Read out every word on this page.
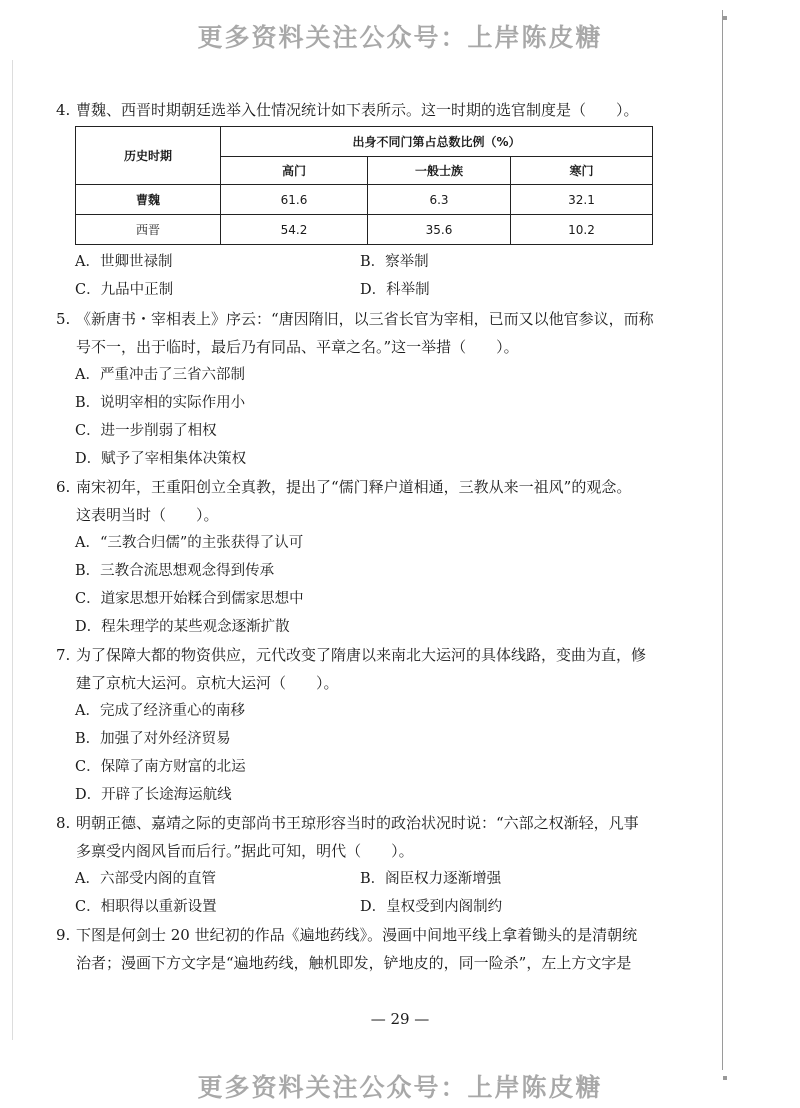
更多资料关注公众号：上岸陈皮糖
4. 曹魏、西晋时期朝廷选举入仕情况统计如下表所示。这一时期的选官制度是（　　）。
历史时期	出身不同门第占总数比例（%）		
	高门	一般士族	寒门
曹魏	61.6	6.3	32.1
西晋	54.2	35.6	10.2
A．世卿世禄制	B．察举制
C．九品中正制	D．科举制
5. 《新唐书・宰相表上》序云：“唐因隋旧，以三省长官为宰相，已而又以他官参议，而称
号不一，出于临时，最后乃有同品、平章之名。”这一举措（　　）。
A．严重冲击了三省六部制
B．说明宰相的实际作用小
C．进一步削弱了相权
D．赋予了宰相集体决策权
6. 南宋初年，王重阳创立全真教，提出了“儒门释户道相通，三教从来一祖风”的观念。
这表明当时（　　）。
A．“三教合归儒”的主张获得了认可
B．三教合流思想观念得到传承
C．道家思想开始糅合到儒家思想中
D．程朱理学的某些观念逐渐扩散
7. 为了保障大都的物资供应，元代改变了隋唐以来南北大运河的具体线路，变曲为直，修
建了京杭大运河。京杭大运河（　　）。
A．完成了经济重心的南移
B．加强了对外经济贸易
C．保障了南方财富的北运
D．开辟了长途海运航线
8. 明朝正德、嘉靖之际的吏部尚书王琼形容当时的政治状况时说：“六部之权渐轻，凡事
多禀受内阁风旨而后行。”据此可知，明代（　　）。
A．六部受内阁的直管	B．阁臣权力逐渐增强
C．相职得以重新设置	D．皇权受到内阁制约
9. 下图是何剑士 20 世纪初的作品《遍地药线》。漫画中间地平线上拿着锄头的是清朝统
治者；漫画下方文字是“遍地药线，触机即发，铲地皮的，同一险杀”，左上方文字是
— 29 —
更多资料关注公众号：上岸陈皮糖
